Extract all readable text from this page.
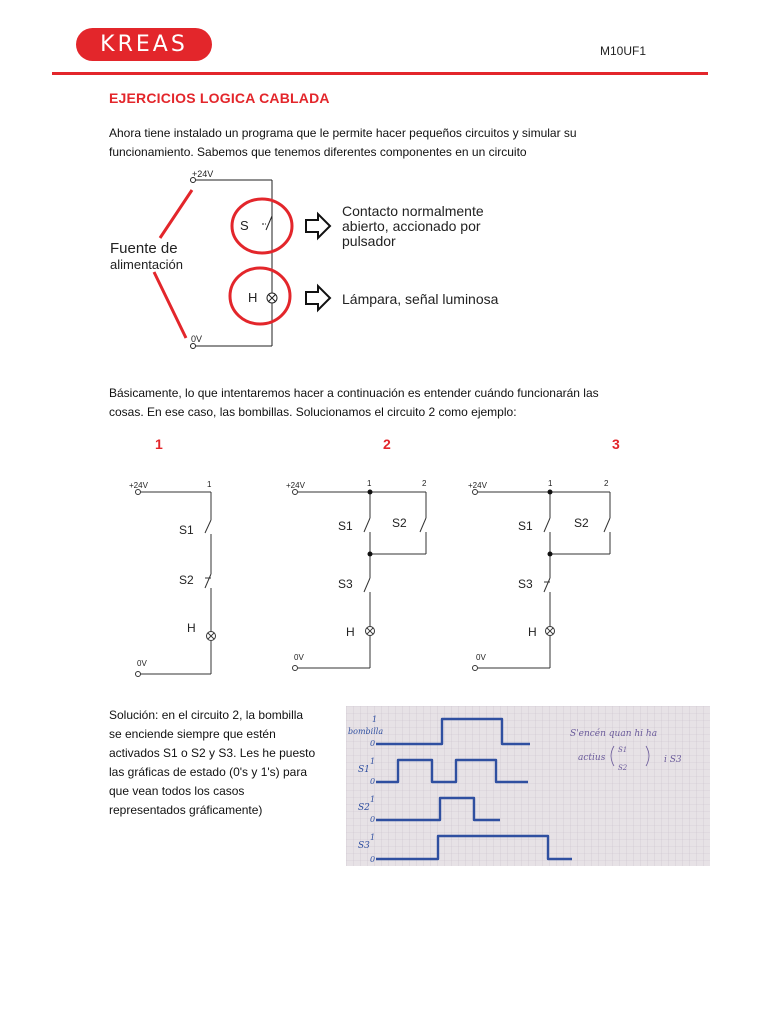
KREAS	M10UF1
EJERCICIOS LOGICA CABLADA
Ahora tiene instalado un programa que le permite hacer pequeños circuitos y simular su
funcionamiento. Sabemos que tenemos diferentes componentes en un circuito
+24V
0V
S
H
Fuente de
alimentación
Contacto normalmente
abierto, accionado por
pulsador
Lámpara, señal luminosa
Básicamente, lo que intentaremos hacer a continuación es entender cuándo funcionarán las
cosas. En ese caso, las bombillas. Solucionamos el circuito 2 como ejemplo:
1	2	3
+24V	1
S1
S2
H
0V
+24V	1	2
S1	S2
S3
H
0V
+24V	1	2
S1	S2
S3
H
0V
Solución: en el circuito 2, la bombilla
se enciende siempre que estén
activados S1 o S2 y S3. Les he puesto
las gráficas de estado (0's y 1's) para
que vean todos los casos
representados gráficamente)
bombilla
S1
S2
S3
1
0
1
0
1
0
1
0
S'encén quan hi ha
actius
S1
S2
i S3
